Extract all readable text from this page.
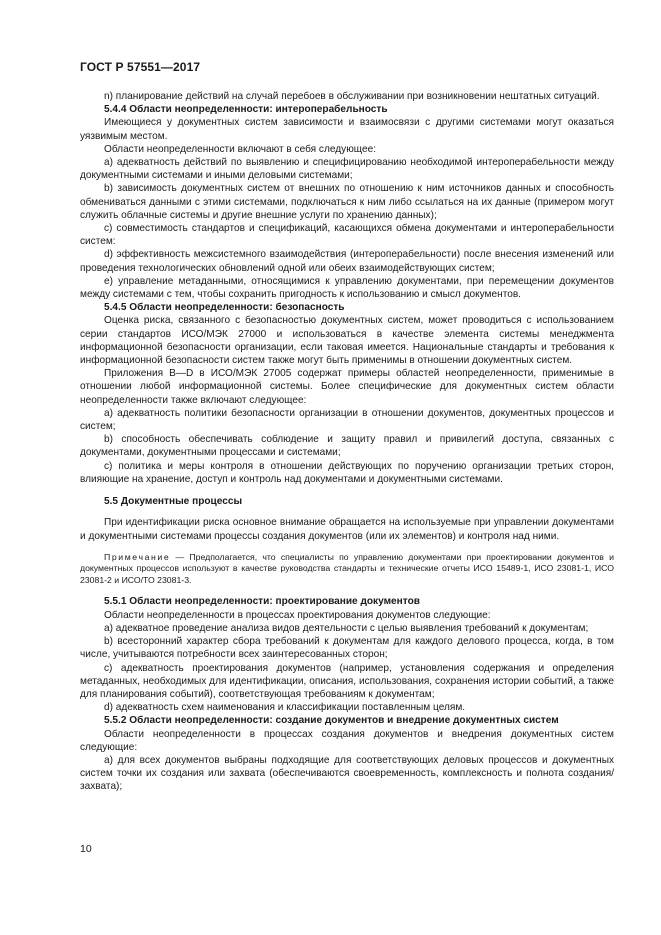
ГОСТ Р 57551—2017

n) планирование действий на случай перебоев в обслуживании при возникновении нештатных ситуаций.

5.4.4 Области неопределенности: интероперабельность

Имеющиеся у документных систем зависимости и взаимосвязи с другими системами могут оказаться уязвимым местом.

Области неопределенности включают в себя следующее:

a) адекватность действий по выявлению и специфицированию необходимой интероперабельности между документными системами и иными деловыми системами;

b) зависимость документных систем от внешних по отношению к ним источников данных и способность обмениваться данными с этими системами, подключаться к ним либо ссылаться на их данные (примером могут служить облачные системы и другие внешние услуги по хранению данных);

c) совместимость стандартов и спецификаций, касающихся обмена документами и интероперабельности систем:

d) эффективность межсистемного взаимодействия (интероперабельности) после внесения изменений или проведения технологических обновлений одной или обеих взаимодействующих систем;

e) управление метаданными, относящимися к управлению документами, при перемещении документов между системами с тем, чтобы сохранить пригодность к использованию и смысл документов.

5.4.5 Области неопределенности: безопасность

Оценка риска, связанного с безопасностью документных систем, может проводиться с использованием серии стандартов ИСО/МЭК 27000 и использоваться в качестве элемента системы менеджмента информационной безопасности организации, если таковая имеется. Национальные стандарты и требования к информационной безопасности систем также могут быть применимы в отношении документных систем.

Приложения B—D в ИСО/МЭК 27005 содержат примеры областей неопределенности, применимые в отношении любой информационной системы. Более специфические для документных систем области неопределенности также включают следующее:

a) адекватность политики безопасности организации в отношении документов, документных процессов и систем;

b) способность обеспечивать соблюдение и защиту правил и привилегий доступа, связанных с документами, документными процессами и системами;

c) политика и меры контроля в отношении действующих по поручению организации третьих сторон, влияющие на хранение, доступ и контроль над документами и документными системами.

5.5 Документные процессы

При идентификации риска основное внимание обращается на используемые при управлении документами и документными системами процессы создания документов (или их элементов) и контроля над ними.

Примечание — Предполагается, что специалисты по управлению документами при проектировании документов и документных процессов используют в качестве руководства стандарты и технические отчеты ИСО 15489-1, ИСО 23081-1, ИСО 23081-2 и ИСО/ТО 23081-3.

5.5.1 Области неопределенности: проектирование документов

Области неопределенности в процессах проектирования документов следующие:

a) адекватное проведение анализа видов деятельности с целью выявления требований к документам;

b) всесторонний характер сбора требований к документам для каждого делового процесса, когда, в том числе, учитываются потребности всех заинтересованных сторон;

c) адекватность проектирования документов (например, установления содержания и определения метаданных, необходимых для идентификации, описания, использования, сохранения истории событий, а также для планирования событий), соответствующая требованиям к документам;

d) адекватность схем наименования и классификации поставленным целям.

5.5.2 Области неопределенности: создание документов и внедрение документных систем

Области неопределенности в процессах создания документов и внедрения документных систем следующие:

a) для всех документов выбраны подходящие для соответствующих деловых процессов и документных систем точки их создания или захвата (обеспечиваются своевременность, комплексность и полнота создания/захвата);

10
